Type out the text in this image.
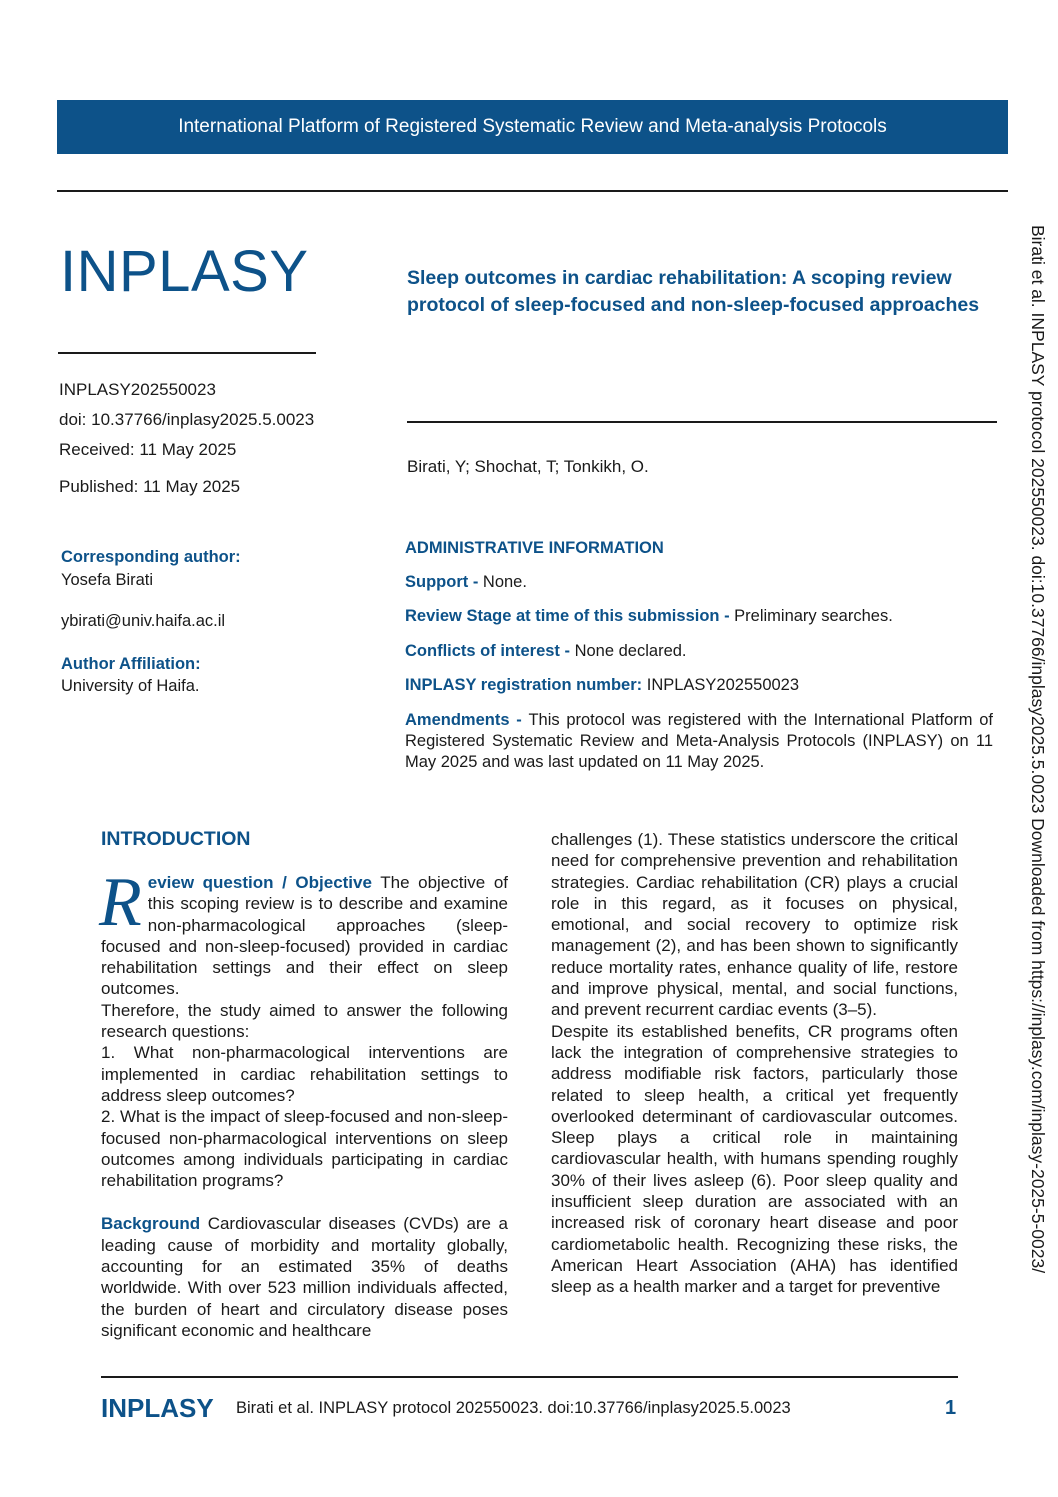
International Platform of Registered Systematic Review and Meta-analysis Protocols
INPLASY	Sleep outcomes in cardiac rehabilitation: A scoping review protocol of sleep-focused and non-sleep-focused approaches
INPLASY202550023
doi: 10.37766/inplasy2025.5.0023
Received: 11 May 2025
Published: 11 May 2025
Birati, Y; Shochat, T; Tonkikh, O.
Corresponding author:
Yosefa Birati
ybirati@univ.haifa.ac.il
Author Affiliation:
University of Haifa.
ADMINISTRATIVE INFORMATION
Support - None.
Review Stage at time of this submission - Preliminary searches.
Conflicts of interest - None declared.
INPLASY registration number: INPLASY202550023
Amendments - This protocol was registered with the International Platform of Registered Systematic Review and Meta-Analysis Protocols (INPLASY) on 11 May 2025 and was last updated on 11 May 2025.
INTRODUCTION

Review question / Objective The objective of this scoping review is to describe and examine non-pharmacological approaches (sleep-focused and non-sleep-focused) provided in cardiac rehabilitation settings and their effect on sleep outcomes.

Therefore, the study aimed to answer the following research questions:

1. What non-pharmacological interventions are implemented in cardiac rehabilitation settings to address sleep outcomes?

2. What is the impact of sleep-focused and non-sleep-focused non-pharmacological interventions on sleep outcomes among individuals participating in cardiac rehabilitation programs?

Background Cardiovascular diseases (CVDs) are a leading cause of morbidity and mortality globally, accounting for an estimated 35% of deaths worldwide. With over 523 million individuals affected, the burden of heart and circulatory disease poses significant economic and healthcare

challenges (1). These statistics underscore the critical need for comprehensive prevention and rehabilitation strategies. Cardiac rehabilitation (CR) plays a crucial role in this regard, as it focuses on physical, emotional, and social recovery to optimize risk management (2), and has been shown to significantly reduce mortality rates, enhance quality of life, restore and improve physical, mental, and social functions, and prevent recurrent cardiac events (3–5).

Despite its established benefits, CR programs often lack the integration of comprehensive strategies to address modifiable risk factors, particularly those related to sleep health, a critical yet frequently overlooked determinant of cardiovascular outcomes. Sleep plays a critical role in maintaining cardiovascular health, with humans spending roughly 30% of their lives asleep (6). Poor sleep quality and insufficient sleep duration are associated with an increased risk of coronary heart disease and poor cardiometabolic health. Recognizing these risks, the American Heart Association (AHA) has identified sleep as a health marker and a target for preventive

INPLASY Birati et al. INPLASY protocol 202550023. doi:10.37766/inplasy2025.5.0023	1
Birati et al. INPLASY protocol 202550023. doi:10.37766/inplasy2025.5.0023 Downloaded from https://inplasy.com/inplasy-2025-5-0023/
